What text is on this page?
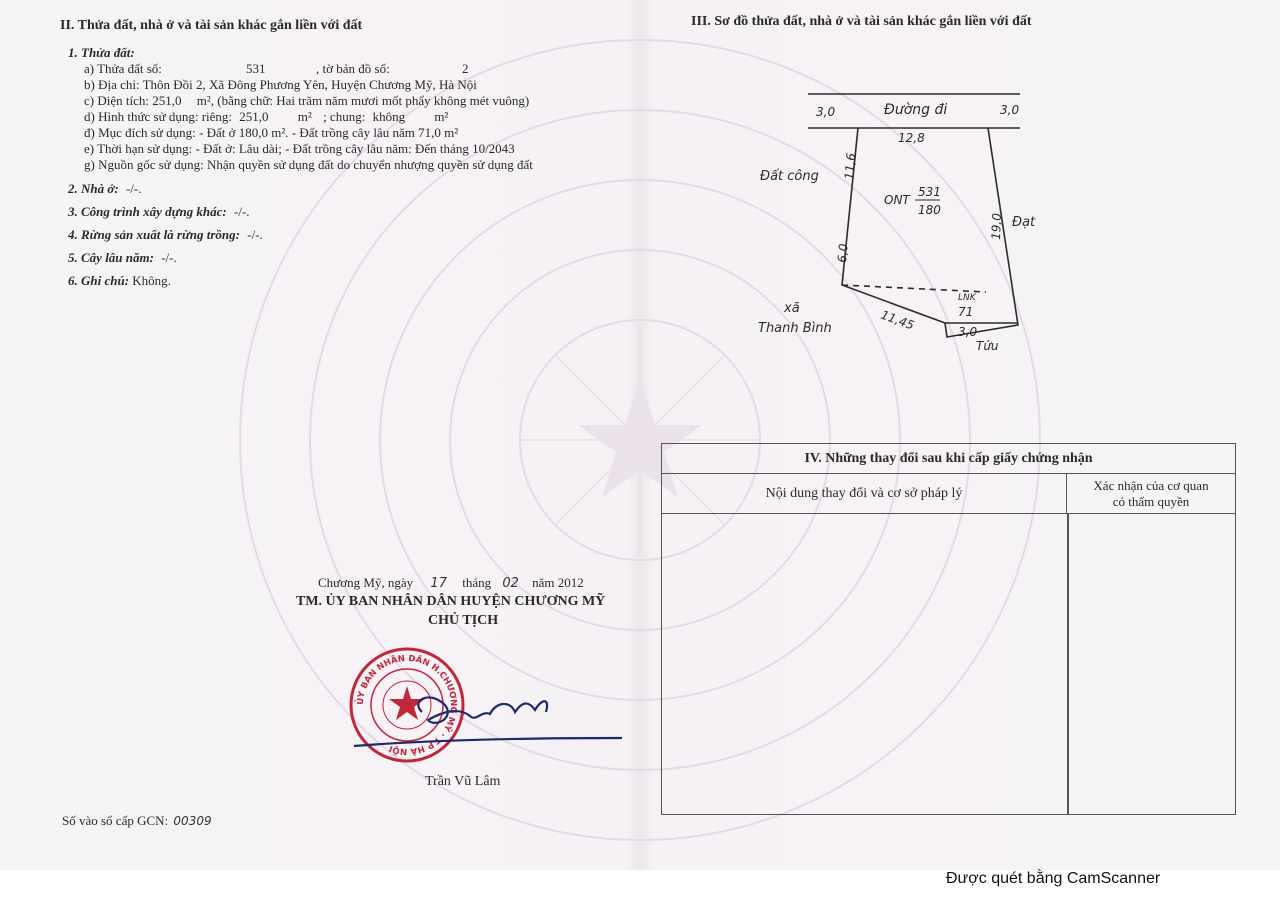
II. Thửa đất, nhà ở và tài sản khác gắn liền với đất
1. Thửa đất:
a) Thửa đất số:	531	, tờ bản đồ số:	2
b) Địa chỉ: Thôn Đồi 2, Xã Đông Phương Yên, Huyện Chương Mỹ, Hà Nội
c) Diện tích: 251,0 m², (bằng chữ: Hai trăm năm mươi mốt phẩy không mét vuông)
d) Hình thức sử dụng: riêng: 251,0 m² ; chung: không m²
đ) Mục đích sử dụng: - Đất ở 180,0 m². - Đất trồng cây lâu năm 71,0 m²
e) Thời hạn sử dụng: - Đất ở: Lâu dài; - Đất trồng cây lâu năm: Đến tháng 10/2043
g) Nguồn gốc sử dụng: Nhận quyền sử dụng đất do chuyển nhượng quyền sử dụng đất
2. Nhà ở: -/-.
3. Công trình xây dựng khác: -/-.
4. Rừng sản xuất là rừng trồng: -/-.
5. Cây lâu năm: -/-.
6. Ghi chú: Không.
Chương Mỹ, ngày 17 tháng 02 năm 2012
TM. ỦY BAN NHÂN DÂN HUYỆN CHƯƠNG MỸ
CHỦ TỊCH
ỦY BAN NHÂN DÂN H.CHƯƠNG MỸ · T.P HÀ NỘI
Trần Vũ Lâm
Số vào sổ cấp GCN: 00309
III. Sơ đồ thửa đất, nhà ở và tài sản khác gắn liền với đất
3,0	Đường đi	3,0
12,8
Đất công 11,6
6,0
ONT
531
180
19,0 Đạt
LNK
71
11,45
xã
Thanh Bình	3,0
Tứu
IV. Những thay đổi sau khi cấp giấy chứng nhận
Nội dung thay đổi và cơ sở pháp lý
Xác nhận của cơ quan
có thẩm quyền
Được quét bằng CamScanner
